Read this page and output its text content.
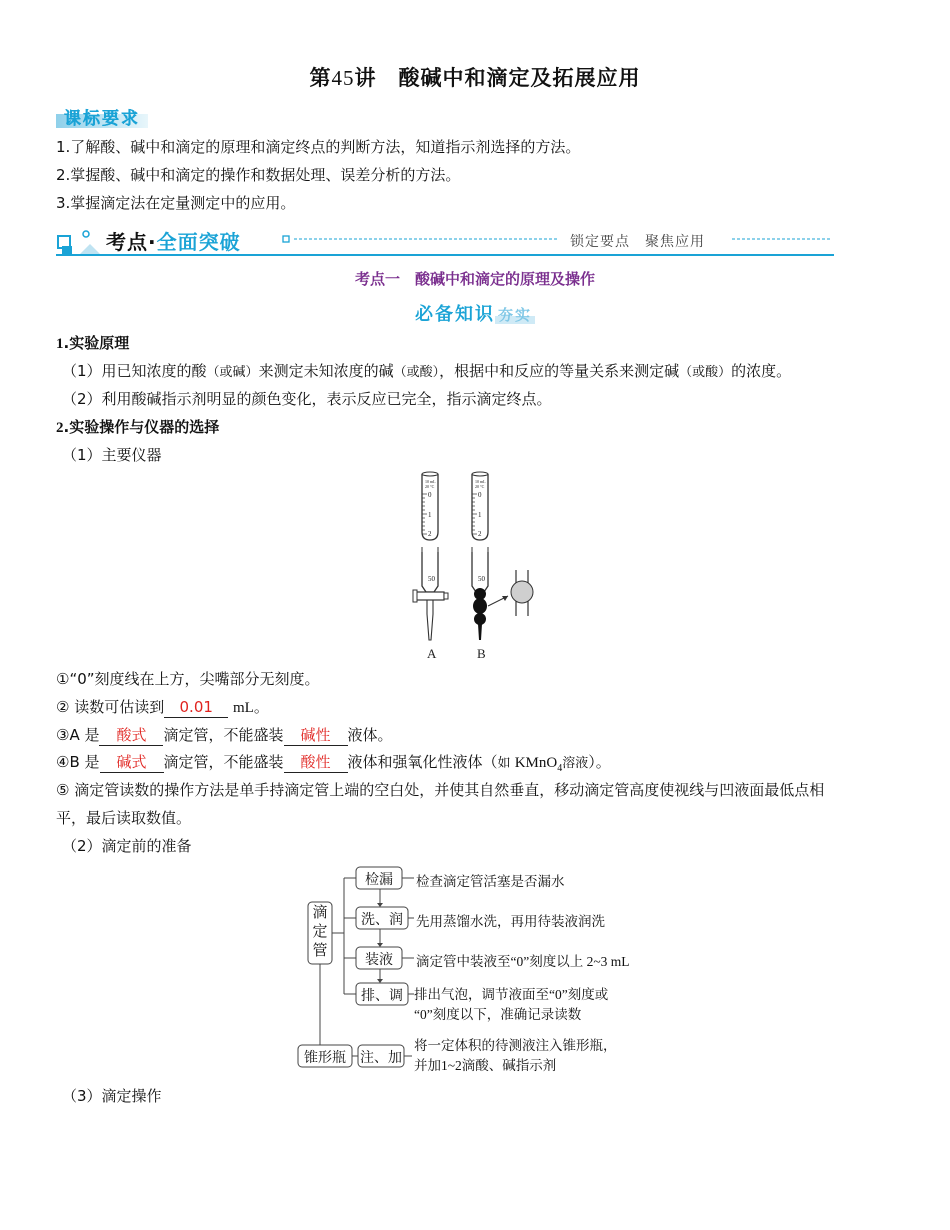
第45讲　酸碱中和滴定及拓展应用
课标要求
1.了解酸、碱中和滴定的原理和滴定终点的判断方法，知道指示剂选择的方法。
2.掌握酸、碱中和滴定的操作和数据处理、误差分析的方法。
3.掌握滴定法在定量测定中的应用。
考点·全面突破	锁定要点　聚焦应用
考点一　酸碱中和滴定的原理及操作
必备知识 夯实
1.实验原理
（1）用已知浓度的酸（或碱）来测定未知浓度的碱（或酸），根据中和反应的等量关系来测定碱（或酸）的浓度。
（2）利用酸碱指示剂明显的颜色变化，表示反应已完全，指示滴定终点。
2.实验操作与仪器的选择
（1）主要仪器
10 mL
20 °C
0
1
2
50
10 mL
20 °C
0
1
2
50
A	B
①“0”刻度线在上方，尖嘴部分无刻度。
② 读数可估读到 0.01 mL。
③A 是 酸式 滴定管，不能盛装 碱性 液体。
④B 是 碱式 滴定管，不能盛装 酸性 液体和强氧化性液体（如 KMnO$_4$溶液）。
⑤ 滴定管读数的操作方法是单手持滴定管上端的空白处，并使其自然垂直，移动滴定管高度使视线与凹液面最低点相
平，最后读取数值。
（2）滴定前的准备
滴
定
管
检漏
洗、润
装液
排、调
检查滴定管活塞是否漏水
先用蒸馏水洗，再用待装液润洗
滴定管中装液至“0”刻度以上 2~3 mL
排出气泡，调节液面至“0”刻度或
“0”刻度以下，准确记录读数
锥形瓶	注、加
将一定体积的待测液注入锥形瓶，
并加1~2滴酸、碱指示剂
（3）滴定操作
